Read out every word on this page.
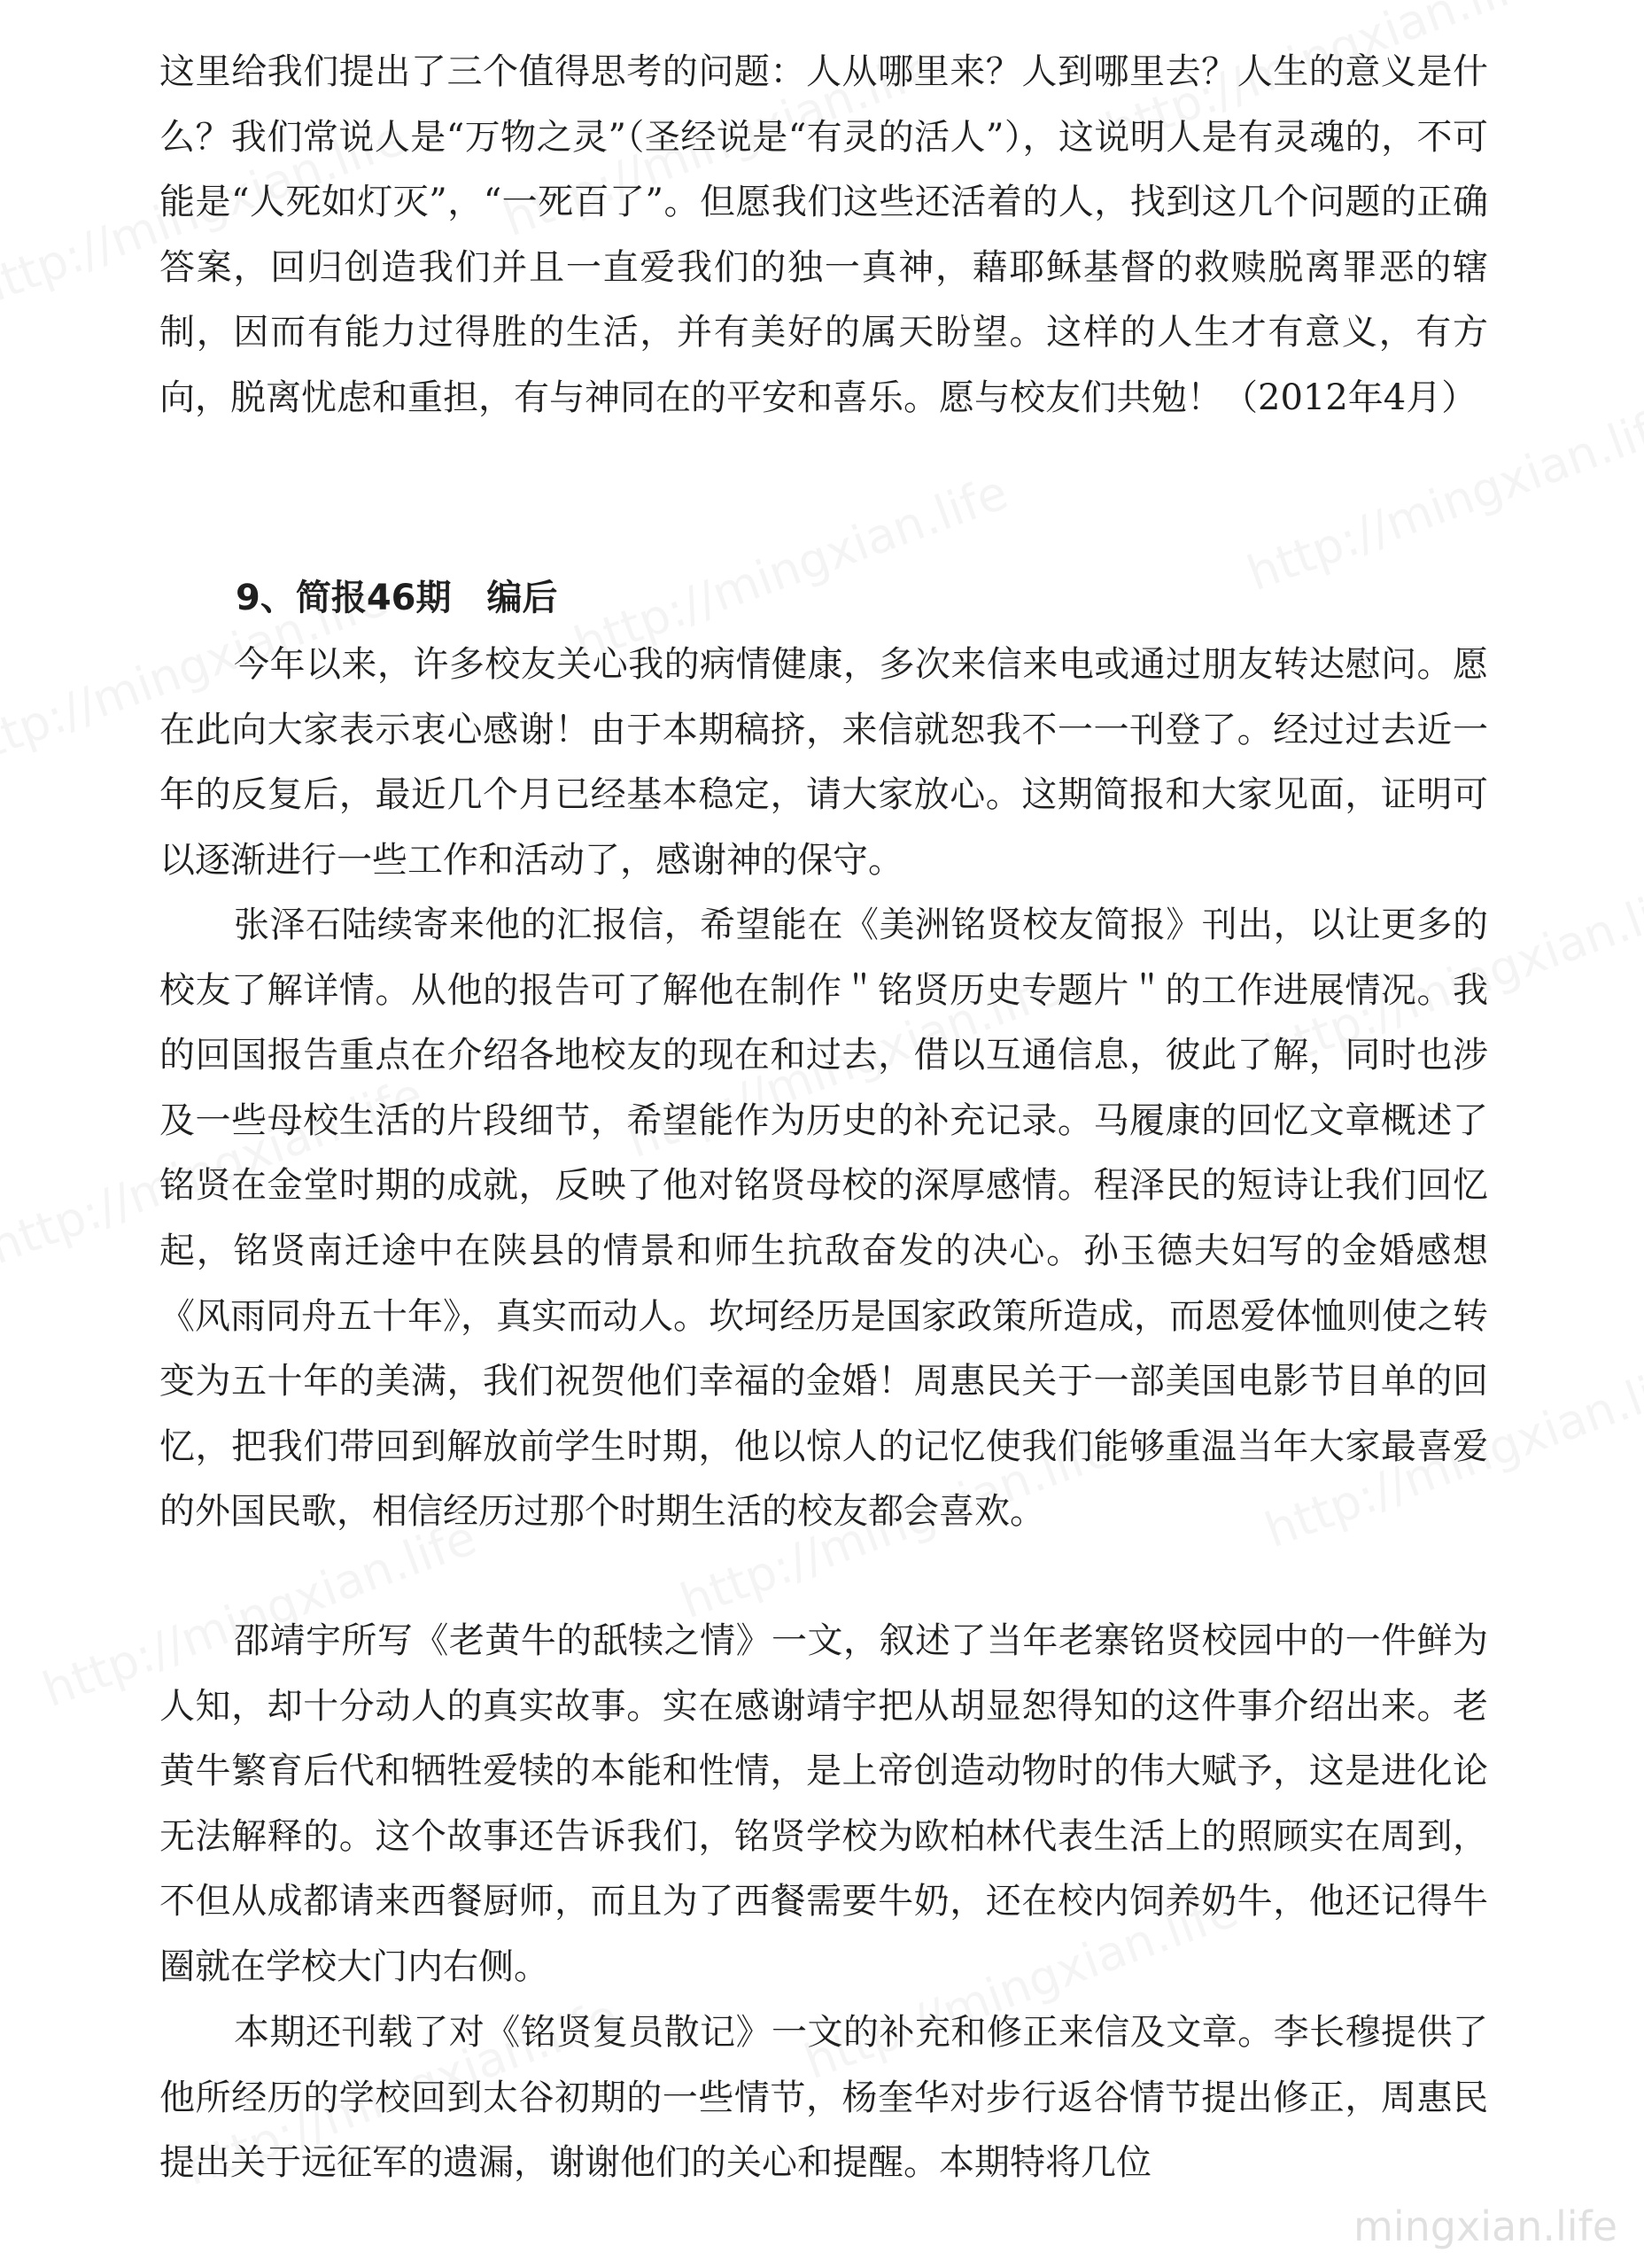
这里给我们提出了三个值得思考的问题：人从哪里来？人到哪里去？人生的意义是什么？我们常说人是“万物之灵”（圣经说是“有灵的活人”），这说明人是有灵魂的，不可能是“人死如灯灭”，“一死百了”。但愿我们这些还活着的人，找到这几个问题的正确答案，回归创造我们并且一直爱我们的独一真神，藉耶稣基督的救赎脱离罪恶的辖制，因而有能力过得胜的生活，并有美好的属天盼望。这样的人生才有意义，有方向，脱离忧虑和重担，有与神同在的平安和喜乐。愿与校友们共勉！（2012年4月）

9、简报46期　编后

今年以来，许多校友关心我的病情健康，多次来信来电或通过朋友转达慰问。愿在此向大家表示衷心感谢！由于本期稿挤，来信就恕我不一一刊登了。经过过去近一年的反复后，最近几个月已经基本稳定，请大家放心。这期简报和大家见面，证明可以逐渐进行一些工作和活动了，感谢神的保守。

张泽石陆续寄来他的汇报信，希望能在《美洲铭贤校友简报》刊出，以让更多的校友了解详情。从他的报告可了解他在制作＂铭贤历史专题片＂的工作进展情况。我的回国报告重点在介绍各地校友的现在和过去，借以互通信息，彼此了解，同时也涉及一些母校生活的片段细节，希望能作为历史的补充记录。马履康的回忆文章概述了铭贤在金堂时期的成就，反映了他对铭贤母校的深厚感情。程泽民的短诗让我们回忆起，铭贤南迁途中在陕县的情景和师生抗敌奋发的决心。孙玉德夫妇写的金婚感想《风雨同舟五十年》，真实而动人。坎坷经历是国家政策所造成，而恩爱体恤则使之转变为五十年的美满，我们祝贺他们幸福的金婚！周惠民关于一部美国电影节目单的回忆，把我们带回到解放前学生时期，他以惊人的记忆使我们能够重温当年大家最喜爱的外国民歌，相信经历过那个时期生活的校友都会喜欢。

邵靖宇所写《老黄牛的舐犊之情》一文，叙述了当年老寨铭贤校园中的一件鲜为人知，却十分动人的真实故事。实在感谢靖宇把从胡显恕得知的这件事介绍出来。老黄牛繁育后代和牺牲爱犊的本能和性情，是上帝创造动物时的伟大赋予，这是进化论无法解释的。这个故事还告诉我们，铭贤学校为欧柏林代表生活上的照顾实在周到，不但从成都请来西餐厨师，而且为了西餐需要牛奶，还在校内饲养奶牛，他还记得牛圈就在学校大门内右侧。

本期还刊载了对《铭贤复员散记》一文的补充和修正来信及文章。李长穆提供了他所经历的学校回到太谷初期的一些情节，杨奎华对步行返谷情节提出修正，周惠民提出关于远征军的遗漏，谢谢他们的关心和提醒。本期特将几位

mingxian.life
